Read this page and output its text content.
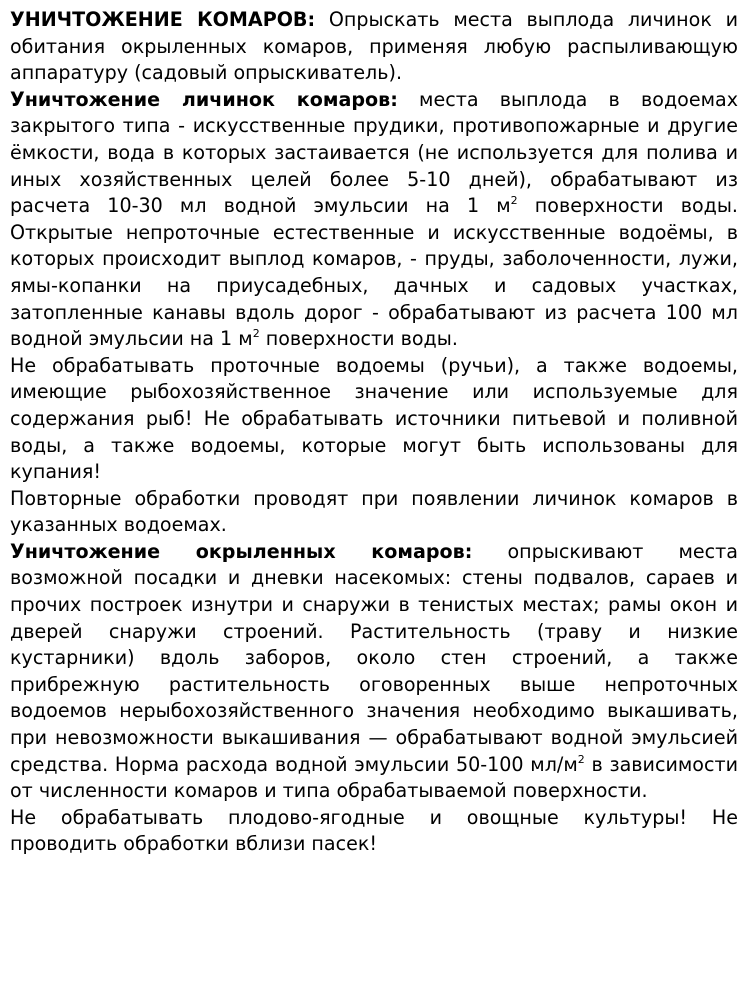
УНИЧТОЖЕНИЕ КОМАРОВ: Опрыскать места выплода личинок и обитания окрыленных комаров, применяя любую распыливающую аппаратуру (садовый опрыскиватель).

Уничтожение личинок комаров: места выплода в водоемах закрытого типа - искусственные прудики, противопожарные и другие ёмкости, вода в которых застаивается (не используется для полива и иных хозяйственных целей более 5-10 дней), обрабатывают из расчета 10-30 мл водной эмульсии на 1 $м^2$ поверхности воды. Открытые непроточные естественные и искусственные водоёмы, в которых происходит выплод комаров, - пруды, заболоченности, лужи, ямы-копанки на приусадебных, дачных и садовых участках, затопленные канавы вдоль дорог - обрабатывают из расчета 100 мл водной эмульсии на 1 $м^2$ поверхности воды.

Не обрабатывать проточные водоемы (ручьи), а также водоемы, имеющие рыбохозяйственное значение или используемые для содержания рыб! Не обрабатывать источники питьевой и поливной воды, а также водоемы, которые могут быть использованы для купания!

Повторные обработки проводят при появлении личинок комаров в указанных водоемах.

Уничтожение окрыленных комаров: опрыскивают места возможной посадки и дневки насекомых: стены подвалов, сараев и прочих построек изнутри и снаружи в тенистых местах; рамы окон и дверей снаружи строений. Растительность (траву и низкие кустарники) вдоль заборов, около стен строений, а также прибрежную растительность оговоренных выше непроточных водоемов нерыбохозяйственного значения необходимо выкашивать, при невозможности выкашивания — обрабатывают водной эмульсией средства. Норма расхода водной эмульсии 50-100 $мл/м^2$ в зависимости от численности комаров и типа обрабатываемой поверхности.

Не обрабатывать плодово-ягодные и овощные культуры! Не проводить обработки вблизи пасек!
